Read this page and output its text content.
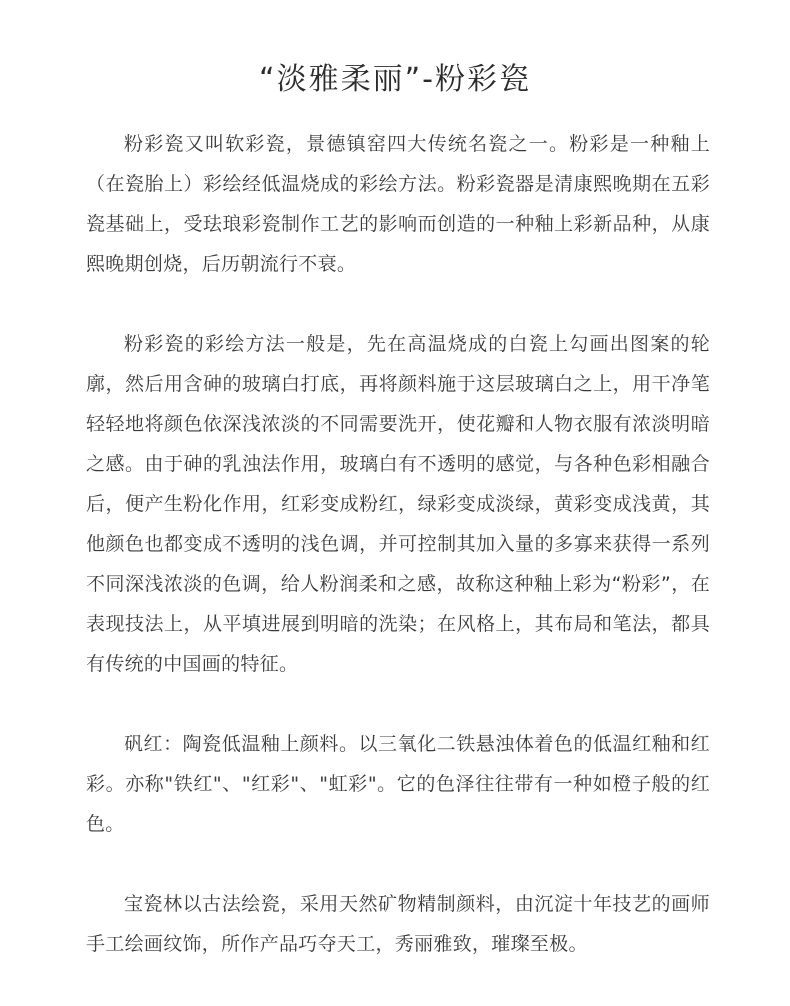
“淡雅柔丽”-粉彩瓷

粉彩瓷又叫软彩瓷，景德镇窑四大传统名瓷之一。粉彩是一种釉上（在瓷胎上）彩绘经低温烧成的彩绘方法。粉彩瓷器是清康熙晚期在五彩瓷基础上，受珐琅彩瓷制作工艺的影响而创造的一种釉上彩新品种，从康熙晚期创烧，后历朝流行不衰。

粉彩瓷的彩绘方法一般是，先在高温烧成的白瓷上勾画出图案的轮廓，然后用含砷的玻璃白打底，再将颜料施于这层玻璃白之上，用干净笔轻轻地将颜色依深浅浓淡的不同需要洗开，使花瓣和人物衣服有浓淡明暗之感。由于砷的乳浊法作用，玻璃白有不透明的感觉，与各种色彩相融合后，便产生粉化作用，红彩变成粉红，绿彩变成淡绿，黄彩变成浅黄，其他颜色也都变成不透明的浅色调，并可控制其加入量的多寡来获得一系列不同深浅浓淡的色调，给人粉润柔和之感，故称这种釉上彩为“粉彩”，在表现技法上，从平填进展到明暗的洗染；在风格上，其布局和笔法，都具有传统的中国画的特征。

矾红：陶瓷低温釉上颜料。以三氧化二铁悬浊体着色的低温红釉和红彩。亦称"铁红"、"红彩"、"虹彩"。它的色泽往往带有一种如橙子般的红色。

宝瓷林以古法绘瓷，采用天然矿物精制颜料，由沉淀十年技艺的画师手工绘画纹饰，所作产品巧夺天工，秀丽雅致，璀璨至极。
